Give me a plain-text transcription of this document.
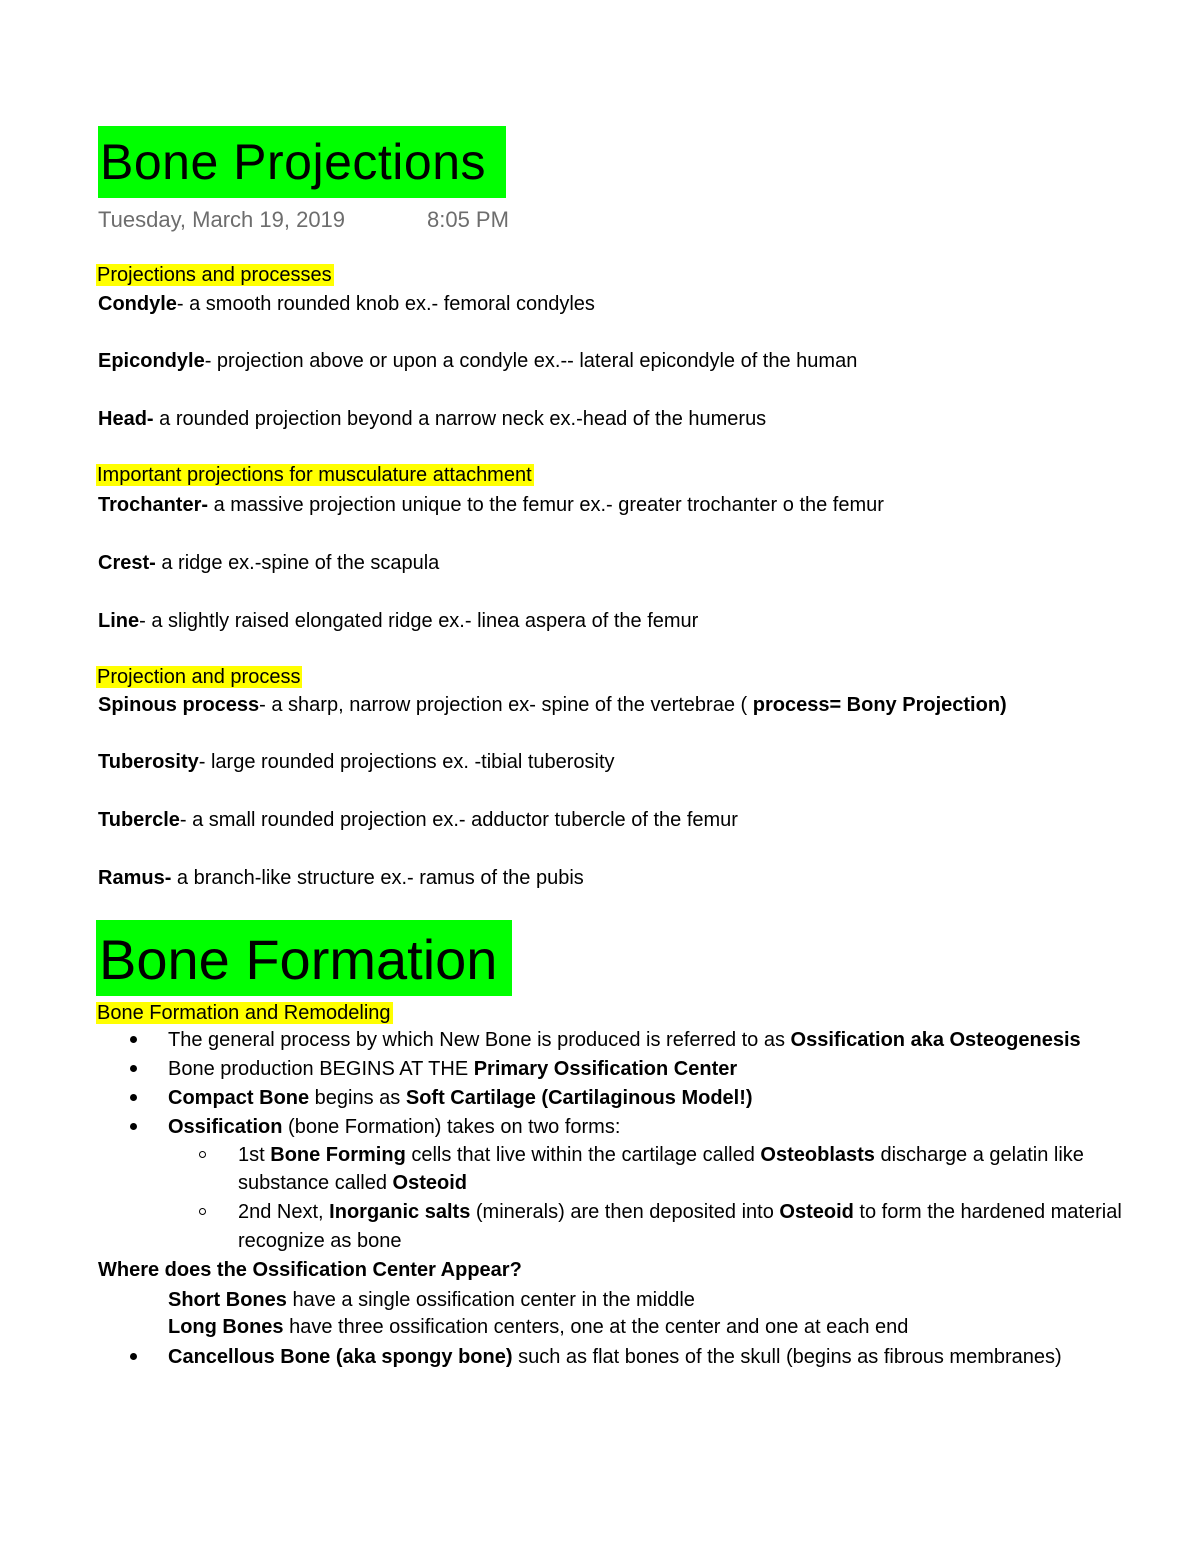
Bone Projections
Tuesday, March 19, 2019	8:05 PM
Projections and processes
Condyle- a smooth rounded knob ex.- femoral condyles
Epicondyle- projection above or upon a condyle ex.-- lateral epicondyle of the human
Head- a rounded projection beyond a narrow neck ex.-head of the humerus
Important projections for musculature attachment
Trochanter- a massive projection unique to the femur ex.- greater trochanter o the femur
Crest- a ridge ex.-spine of the scapula
Line- a slightly raised elongated ridge ex.- linea aspera of the femur
Projection and process
Spinous process- a sharp, narrow projection ex- spine of the vertebrae ( process= Bony Projection)
Tuberosity- large rounded projections ex. -tibial tuberosity
Tubercle- a small rounded projection ex.- adductor tubercle of the femur
Ramus- a branch-like structure ex.- ramus of the pubis
Bone Formation
Bone Formation and Remodeling
The general process by which New Bone is produced is referred to as Ossification aka Osteogenesis
Bone production BEGINS AT THE Primary Ossification Center
Compact Bone begins as Soft Cartilage (Cartilaginous Model!)
Ossification (bone Formation) takes on two forms:
1st Bone Forming cells that live within the cartilage called Osteoblasts discharge a gelatin like
substance called Osteoid
2nd Next, Inorganic salts (minerals) are then deposited into Osteoid to form the hardened material
recognize as bone
Where does the Ossification Center Appear?
Short Bones have a single ossification center in the middle
Long Bones have three ossification centers, one at the center and one at each end
Cancellous Bone (aka spongy bone) such as flat bones of the skull (begins as fibrous membranes)
